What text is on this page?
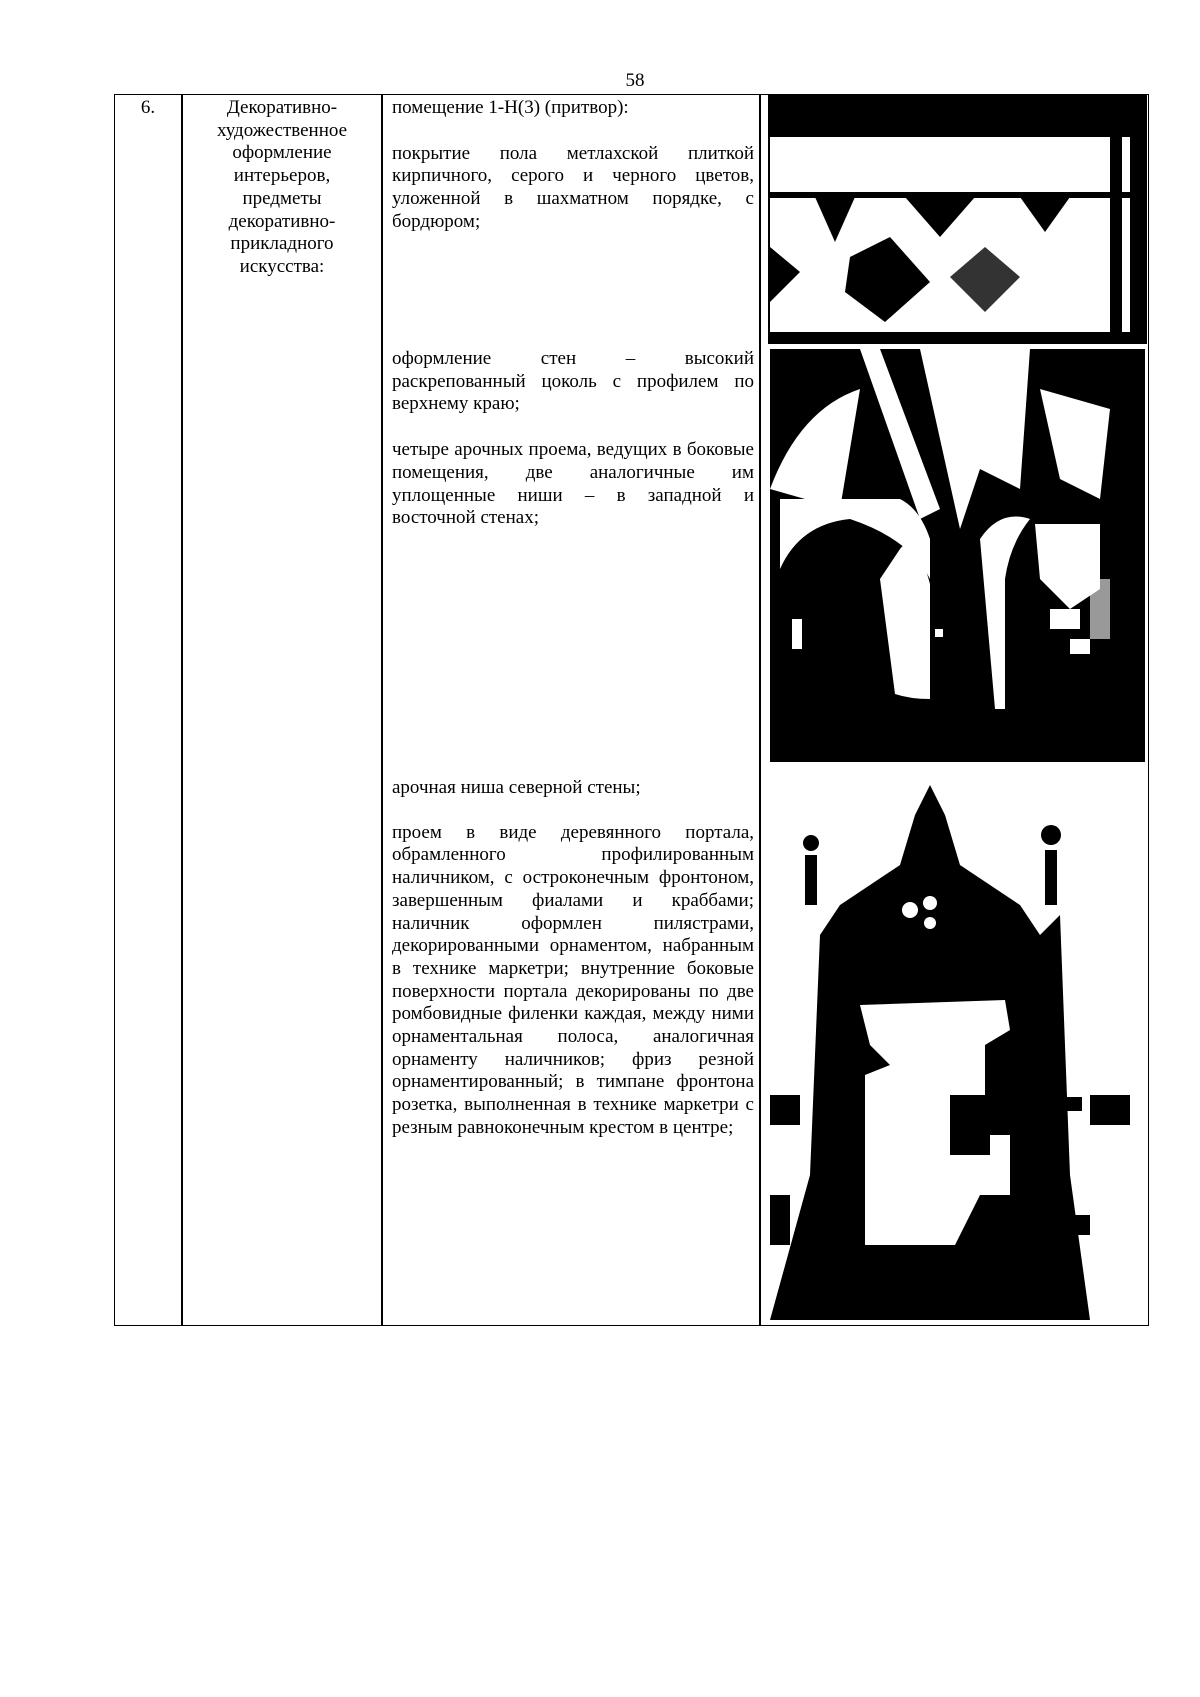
58
6.	Декоративно-
художественное
оформление
интерьеров,
предметы
декоративно-
прикладного
искусства:

помещение 1-Н(3) (притвор):

покрытие пола метлахской плиткой кирпичного, серого и черного цветов, уложенной в шахматном порядке, с бордюром;

оформление стен – высокий раскрепованный цоколь с профилем по верхнему краю;

четыре арочных проема, ведущих в боковые помещения, две аналогичные им уплощенные ниши – в западной и восточной стенах;

арочная ниша северной стены;

проем в виде деревянного портала, обрамленного профилированным наличником, с остроконечным фронтоном, завершенным фиалами и краббами; наличник оформлен пилястрами, декорированными орнаментом, набранным в технике маркетри; внутренние боковые поверхности портала декорированы по две ромбовидные филенки каждая, между ними орнаментальная полоса, аналогичная орнаменту наличников; фриз резной орнаментированный; в тимпане фронтона розетка, выполненная в технике маркетри с резным равноконечным крестом в центре;
